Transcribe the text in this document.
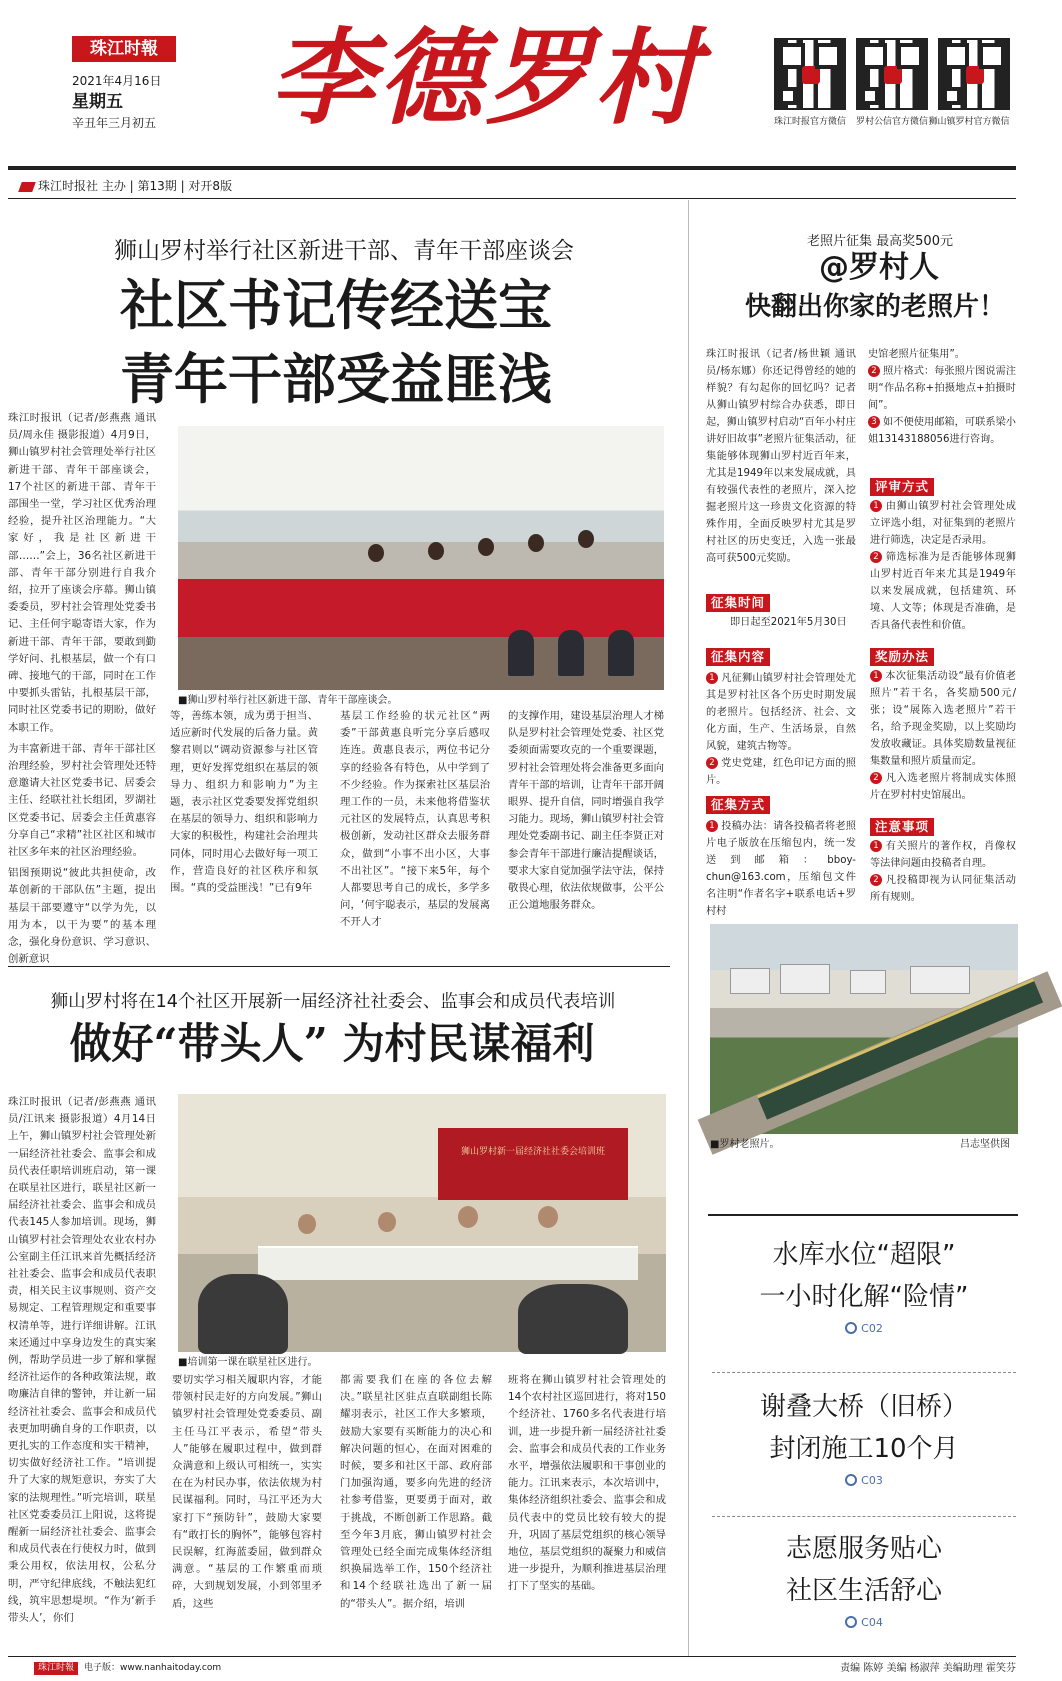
珠江时報
2021年4月16日
星期五
辛丑年三月初五	李德罗村	珠江时报官方微信	罗村公信官方微信 狮山镇罗村官方微信
珠江时报社 主办 | 第13期 | 对开8版
狮山罗村举行社区新进干部、青年干部座谈会
社区书记传经送宝
青年干部受益匪浅

珠江时报讯（记者/彭燕燕 通讯员/周永佳 摄影报道）4月9日，狮山镇罗村社会管理处举行社区新进干部、青年干部座谈会，17个社区的新进干部、青年干部围坐一堂，学习社区优秀治理经验，提升社区治理能力。“大家好，我是社区新进干部……”会上，36名社区新进干部、青年干部分别进行自我介绍，拉开了座谈会序幕。狮山镇委委员，罗村社会管理处党委书记、主任何宇聪寄语大家，作为新进干部、青年干部，要敢到勤学好问、扎根基层，做一个有口碑、接地气的干部，同时在工作中要抓头雷钻，扎根基层干部，同时社区党委书记的期盼，做好本职工作。

为丰富新进干部、青年干部社区治理经验，罗村社会管理处还特意邀请大社区党委书记、居委会主任、经联社社长组团，罗湖社区党委书记、居委会主任黄惠容分享自己“求精”社区社区和城市社区多年来的社区治理经验。

铝图预期说“彼此共担使命，改革创新的干部队伍”主题，提出基层干部要遵守“以学为先，以用为本，以干为要”的基本理念，强化身份意识、学习意识、创新意识

■狮山罗村举行社区新进干部、青年干部座谈会。
等，善练本领，成为勇于担当、适应新时代发展的后备力量。黄黎君则以“调动资源参与社区管理，更好发挥党组织在基层的领导力、组织力和影响力”为主题，表示社区党委要发挥党组织在基层的领导力、组织和影响力大家的积极性，构建社会治理共同体，同时用心去做好每一项工作，营造良好的社区秩序和氛围。“真的受益匪浅！”已有9年
基层工作经验的状元社区“两委”干部黄惠良听完分享后感叹连连。黄惠良表示，两位书记分享的经验各有特色，从中学到了不少经验。作为探索社区基层治理工作的一员，未来他将借鉴状元社区的发展特点，认真思考积极创新，发动社区群众去服务群众，做到“小事不出小区，大事不出社区”。“接下来5年，每个人都要思考自己的成长，多学多问，‘何宇聪表示，基层的发展离不开人才
的支撑作用，建设基层治理人才梯队是罗村社会管理处党委、社区党委须面需要攻克的一个重要课题，罗村社会管理处将会准备更多面向青年干部的培训，让青年干部开阔眼界、提升自信，同时增强自我学习能力。现场，狮山镇罗村社会管理处党委副书记、副主任李贤正对参会青年干部进行廉洁提醒谈话，要求大家自觉加强学法守法，保持敬畏心理，依法依规做事，公平公正公道地服务群众。
狮山罗村将在14个社区开展新一届经济社社委会、监事会和成员代表培训
做好“带头人” 为村民谋福利
珠江时报讯（记者/彭燕燕 通讯员/江讯来 摄影报道）4月14日上午，狮山镇罗村社会管理处新一届经济社社委会、监事会和成员代表任职培训班启动，第一课在联星社区进行，联星社区新一届经济社社委会、监事会和成员代表145人参加培训。现场，狮山镇罗村社会管理处农业农村办公室副主任江讯来首先概括经济社社委会、监事会和成员代表职责，相关民主议事规则、资产交易规定、工程管理规定和重要事权清单等，进行详细讲解。江讯来还通过中享身边发生的真实案例，帮助学员进一步了解和掌握经济社运作的各种政策法规，敢吻廉洁自律的警钟，并让新一届经济社社委会、监事会和成员代表更加明确自身的工作职责，以更扎实的工作态度和实干精神，切实做好经济社工作。“培训提升了大家的规矩意识，夯实了大家的法规理性。”听完培训，联星社区党委委员江上阳说，这将提醒新一届经济社社委会、监事会和成员代表在行使权力时，做到秉公用权，依法用权，公私分明，严守纪律底线，不触法犯红线，筑牢思想堤坝。“作为‘新手带头人’，你们
狮山罗村新一届经济社社委会培训班
■培训第一课在联星社区进行。
要切实学习相关履职内容，才能带领村民走好的方向发展。”狮山镇罗村社会管理处党委委员、副主任马江平表示，希望“带头人”能够在履职过程中，做到群众满意和上级认可相统一，实实在在为村民办事，依法依规为村民谋福利。同时，马江平还为大家打下“预防针”，鼓励大家要有“敢打长的胸怀”，能够包容村民误解，红海蓝委屈，做到群众满意。“基层的工作繁重而琐碎，大到规划发展，小到邻里矛盾，这些
都需要我们在座的各位去解决。”联星社区驻点直联副组长陈耀羽表示，社区工作大多繁琐，鼓励大家要有买断能力的决心和解决问题的恒心，在面对困难的时候，要多和社区干部、政府部门加强沟通，要多向先进的经济社参考借鉴，更要勇于面对，敢于挑战，不断创新工作思路。截至今年3月底，狮山镇罗村社会管理处已经全面完成集体经济组织换届选举工作，150个经济社和14个经联社选出了新一届的“带头人”。据介绍，培训
班将在狮山镇罗村社会管理处的14个农村社区巡回进行，将对150个经济社、1760多名代表进行培训，进一步提升新一届经济社社委会、监事会和成员代表的工作业务水平，增强依法履职和干事创业的能力。江讯来表示，本次培训中，集体经济组织社委会、监事会和成员代表中的党员比较有较大的提升，巩固了基层党组织的核心领导地位，基层党组织的凝聚力和威信进一步提升，为顺利推进基层治理打下了坚实的基础。
老照片征集 最高奖500元
@罗村人
快翻出你家的老照片！
珠江时报讯（记者/杨世颖 通讯员/杨东娜）你还记得曾经的她的样貌？有勾起你的回忆吗？记者从狮山镇罗村综合办获悉，即日起，狮山镇罗村启动“百年小村庄 讲好旧故事”老照片征集活动，征集能够体现狮山罗村近百年来，尤其是1949年以来发展成就，具有较强代表性的老照片，深入挖掘老照片这一珍贵文化资源的特殊作用，全面反映罗村尤其是罗村社区的历史变迁，入选一张最高可获500元奖励。
征集时间
即日起至2021年5月30日
征集内容

1 凡征狮山镇罗村社会管理处尤其是罗村社区各个历史时期发展的老照片。包括经济、社会、文化方面，生产、生活场景，自然风貌，建筑古物等。

2 党史党建，红色印记方面的照片。

征集方式

1 投稿办法：请各投稿者将老照片电子版放在压缩包内，统一发送到邮箱：bboy-chun@163.com，压缩包文件名注明“作者名字+联系电话+罗村村

史馆老照片征集用”。

2 照片格式：每张照片图说需注明“作品名称+拍摄地点+拍摄时间”。

3 如不便使用邮箱，可联系梁小姐13143188056进行咨询。

评审方式

1 由狮山镇罗村社会管理处成立评选小组，对征集到的老照片进行筛选，决定是否录用。

2 筛选标准为是否能够体现狮山罗村近百年来尤其是1949年以来发展成就，包括建筑、环境、人文等；体现是否准确，是否具备代表性和价值。

奖励办法

1 本次征集活动设“最有价值老照片”若干名，各奖励500元/张；设“展陈入选老照片”若干名，给予现金奖励，以上奖励均发放收藏证。具体奖励数量视征集数量和照片质量而定。

2 凡入选老照片将制成实体照片在罗村村史馆展出。

注意事项

1 有关照片的著作权，肖像权等法律问题由投稿者自理。

2 凡投稿即视为认同征集活动所有规则。

■罗村老照片。	吕志坚供图
水库水位“超限”
一小时化解“险情”
C02
谢叠大桥（旧桥）
封闭施工10个月
C03
志愿服务贴心
社区生活舒心
C04
珠江时報	电子版：www.nanhaitoday.com	责编 陈婷 美编 杨淑萍 美编助理 霍笑芬
